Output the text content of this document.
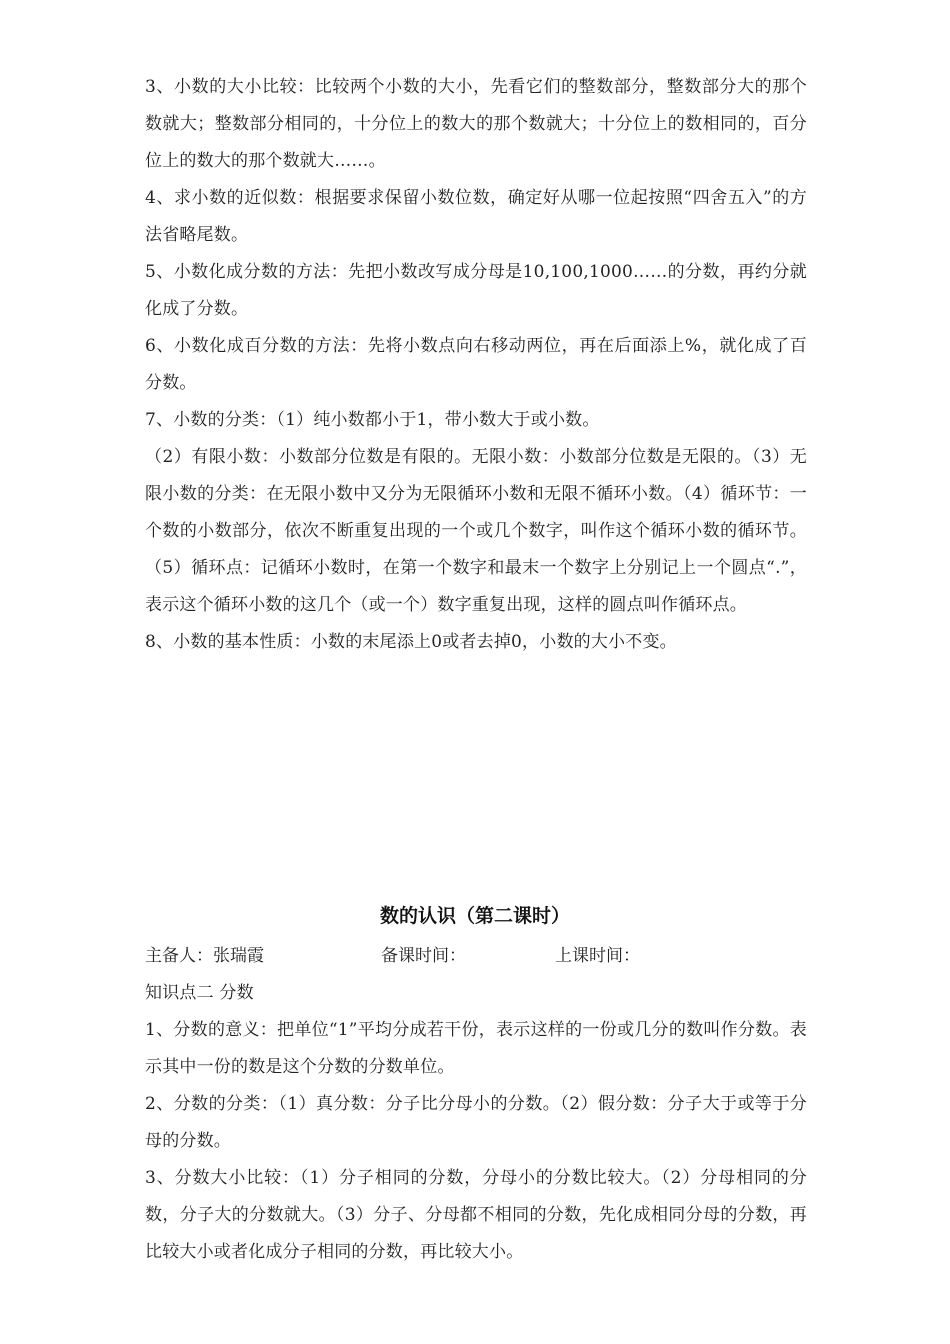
3、小数的大小比较：比较两个小数的大小，先看它们的整数部分，整数部分大的那个数就大；整数部分相同的，十分位上的数大的那个数就大；十分位上的数相同的，百分位上的数大的那个数就大……。

4、求小数的近似数：根据要求保留小数位数，确定好从哪一位起按照“四舍五入”的方法省略尾数。

5、小数化成分数的方法：先把小数改写成分母是10,100,1000……的分数，再约分就化成了分数。

6、小数化成百分数的方法：先将小数点向右移动两位，再在后面添上%，就化成了百分数。

7、小数的分类：（1）纯小数都小于1，带小数大于或小数。

（2）有限小数：小数部分位数是有限的。无限小数：小数部分位数是无限的。（3）无限小数的分类：在无限小数中又分为无限循环小数和无限不循环小数。（4）循环节：一个数的小数部分，依次不断重复出现的一个或几个数字，叫作这个循环小数的循环节。（5）循环点：记循环小数时，在第一个数字和最末一个数字上分别记上一个圆点“.”，表示这个循环小数的这几个（或一个）数字重复出现，这样的圆点叫作循环点。

8、小数的基本性质：小数的末尾添上0或者去掉0，小数的大小不变。

数的认识（第二课时）
主备人：张瑞霞	备课时间：	上课时间：

知识点二 分数

1、分数的意义：把单位“1”平均分成若干份，表示这样的一份或几分的数叫作分数。表示其中一份的数是这个分数的分数单位。

2、分数的分类：（1）真分数：分子比分母小的分数。（2）假分数：分子大于或等于分母的分数。

3、分数大小比较：（1）分子相同的分数，分母小的分数比较大。（2）分母相同的分数，分子大的分数就大。（3）分子、分母都不相同的分数，先化成相同分母的分数，再比较大小或者化成分子相同的分数，再比较大小。
